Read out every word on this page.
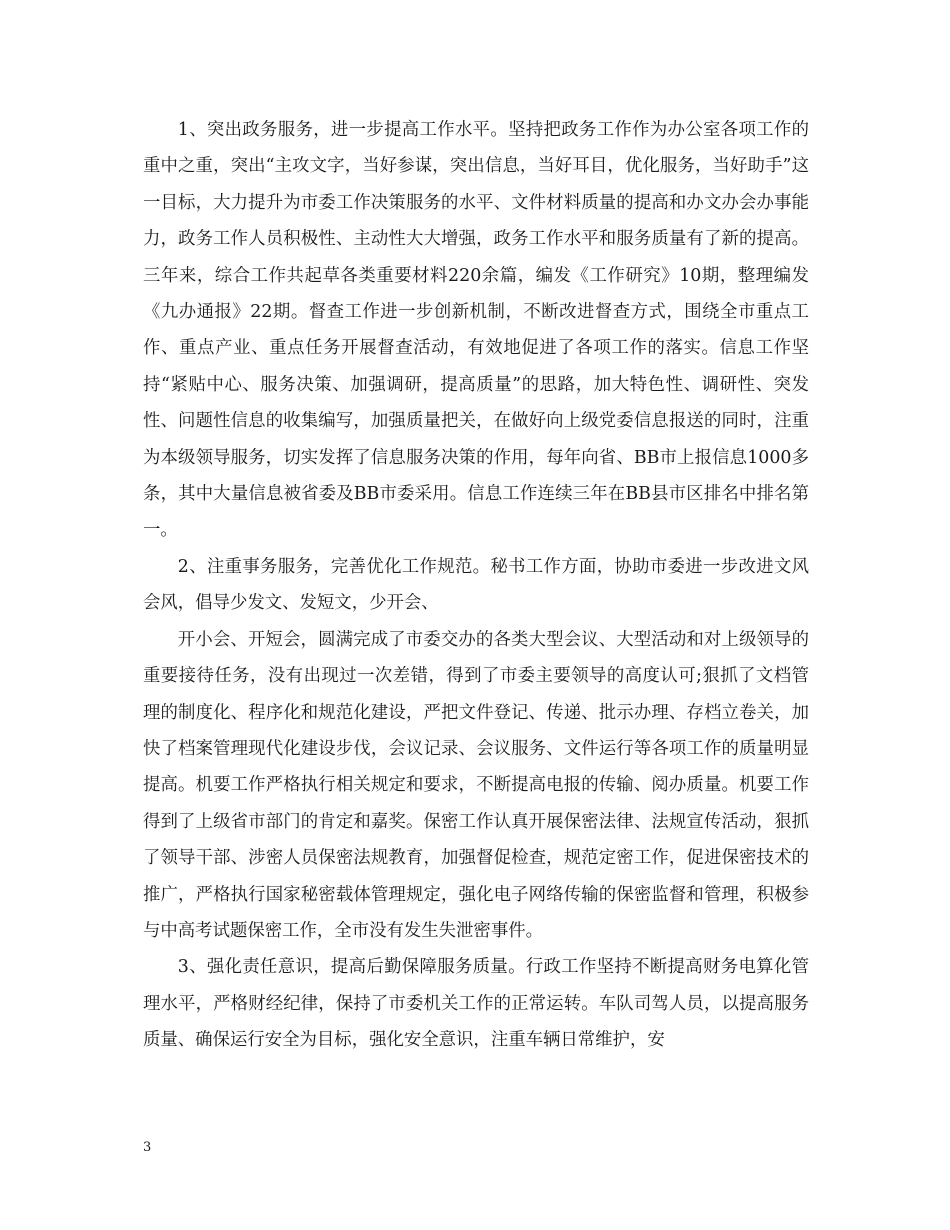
1、突出政务服务，进一步提高工作水平。坚持把政务工作作为办公室各项工作的重中之重，突出“主攻文字，当好参谋，突出信息，当好耳目，优化服务，当好助手”这一目标，大力提升为市委工作决策服务的水平、文件材料质量的提高和办文办会办事能力，政务工作人员积极性、主动性大大增强，政务工作水平和服务质量有了新的提高。三年来，综合工作共起草各类重要材料220余篇，编发《工作研究》10期，整理编发《九办通报》22期。督查工作进一步创新机制，不断改进督查方式，围绕全市重点工作、重点产业、重点任务开展督查活动，有效地促进了各项工作的落实。信息工作坚持“紧贴中心、服务决策、加强调研，提高质量”的思路，加大特色性、调研性、突发性、问题性信息的收集编写，加强质量把关，在做好向上级党委信息报送的同时，注重为本级领导服务，切实发挥了信息服务决策的作用，每年向省、BB市上报信息1000多条，其中大量信息被省委及BB市委采用。信息工作连续三年在BB县市区排名中排名第一。

2、注重事务服务，完善优化工作规范。秘书工作方面，协助市委进一步改进文风会风，倡导少发文、发短文，少开会、

开小会、开短会，圆满完成了市委交办的各类大型会议、大型活动和对上级领导的重要接待任务，没有出现过一次差错，得到了市委主要领导的高度认可;狠抓了文档管理的制度化、程序化和规范化建设，严把文件登记、传递、批示办理、存档立卷关，加快了档案管理现代化建设步伐，会议记录、会议服务、文件运行等各项工作的质量明显提高。机要工作严格执行相关规定和要求，不断提高电报的传输、阅办质量。机要工作得到了上级省市部门的肯定和嘉奖。保密工作认真开展保密法律、法规宣传活动，狠抓了领导干部、涉密人员保密法规教育，加强督促检查，规范定密工作，促进保密技术的推广，严格执行国家秘密载体管理规定，强化电子网络传输的保密监督和管理，积极参与中高考试题保密工作，全市没有发生失泄密事件。

3、强化责任意识，提高后勤保障服务质量。行政工作坚持不断提高财务电算化管理水平，严格财经纪律，保持了市委机关工作的正常运转。车队司驾人员，以提高服务质量、确保运行安全为目标，强化安全意识，注重车辆日常维护，安

3
